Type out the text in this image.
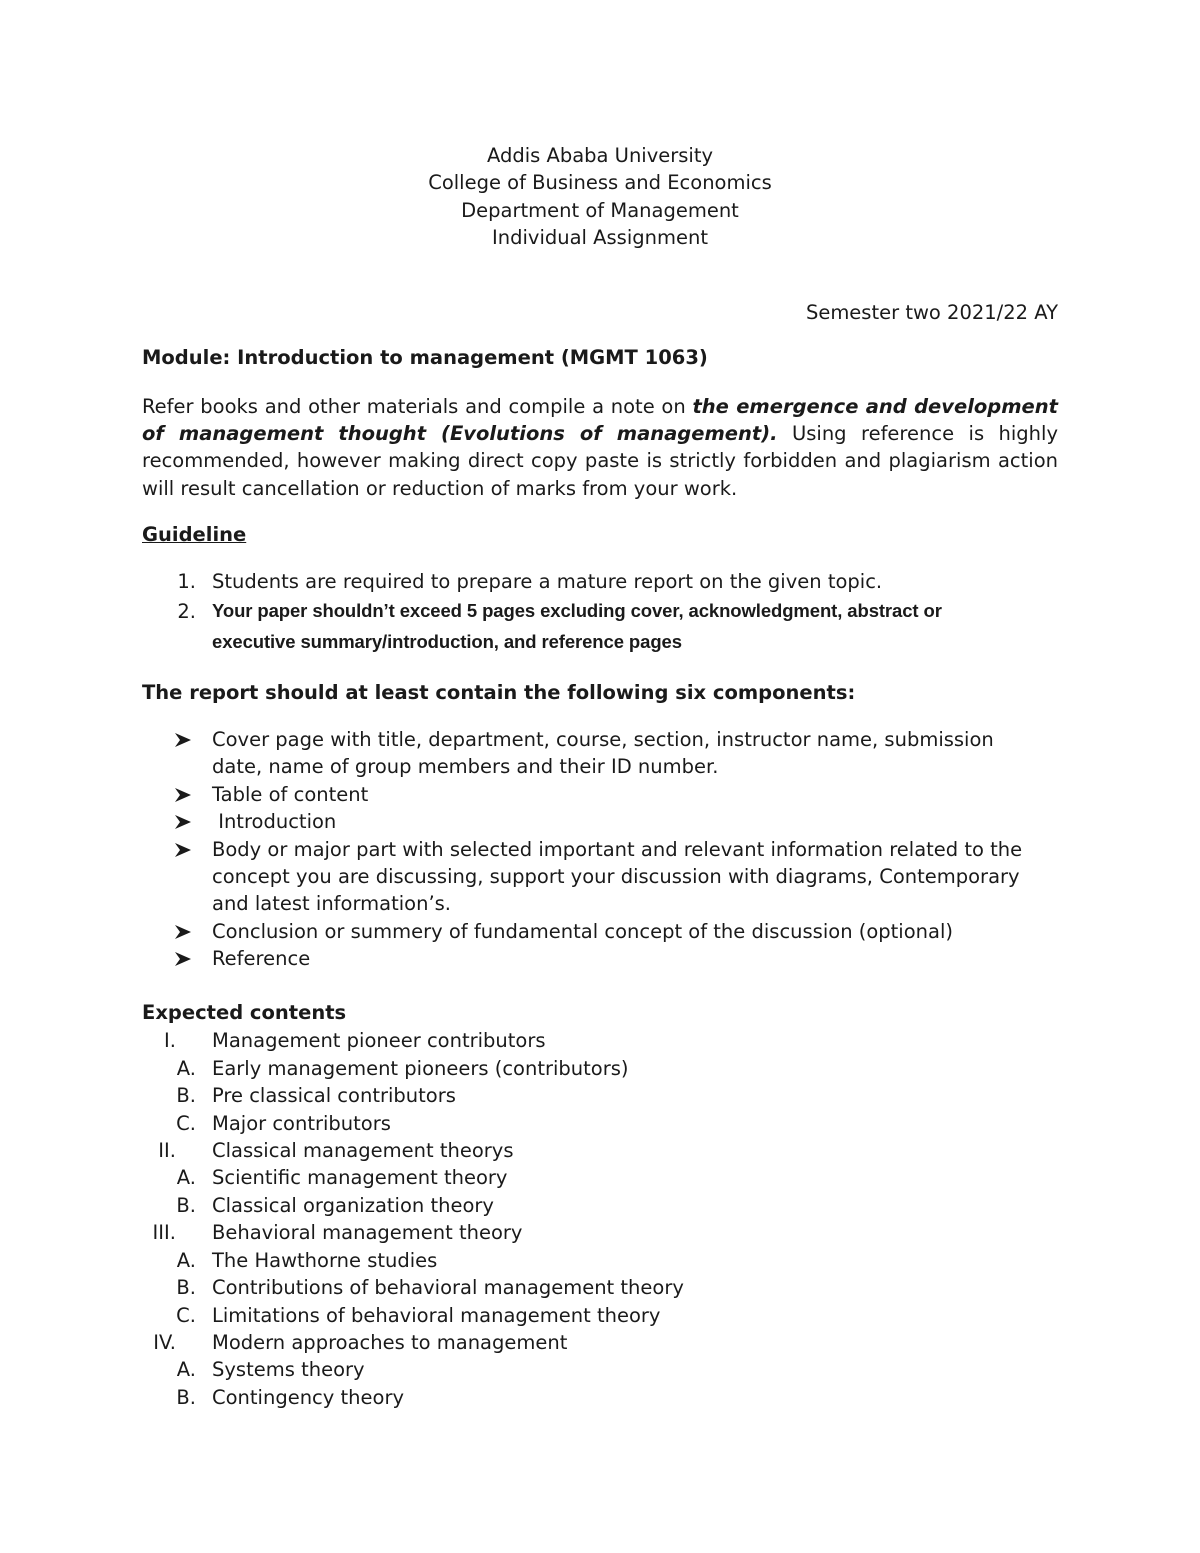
Addis Ababa University
College of Business and Economics
Department of Management
Individual Assignment
Semester two 2021/22 AY
Module: Introduction to management (MGMT 1063)
Refer books and other materials and compile a note on the emergence and development
of management thought (Evolutions of management). Using reference is highly
recommended, however making direct copy paste is strictly forbidden and plagiarism action
will result cancellation or reduction of marks from your work.
Guideline
1. Students are required to prepare a mature report on the given topic.
2. Your paper shouldn’t exceed 5 pages excluding cover, acknowledgment, abstract or
executive summary/introduction, and reference pages
The report should at least contain the following six components:
Cover page with title, department, course, section, instructor name, submission
date, name of group members and their ID number.
Table of content
Introduction
Body or major part with selected important and relevant information related to the
concept you are discussing, support your discussion with diagrams, Contemporary
and latest information’s.
Conclusion or summery of fundamental concept of the discussion (optional)
Reference
Expected contents
I. Management pioneer contributors
A. Early management pioneers (contributors)
B. Pre classical contributors
C. Major contributors
II. Classical management theorys
A. Scientific management theory
B. Classical organization theory
III. Behavioral management theory
A. The Hawthorne studies
B. Contributions of behavioral management theory
C. Limitations of behavioral management theory
IV. Modern approaches to management
A. Systems theory
B. Contingency theory
